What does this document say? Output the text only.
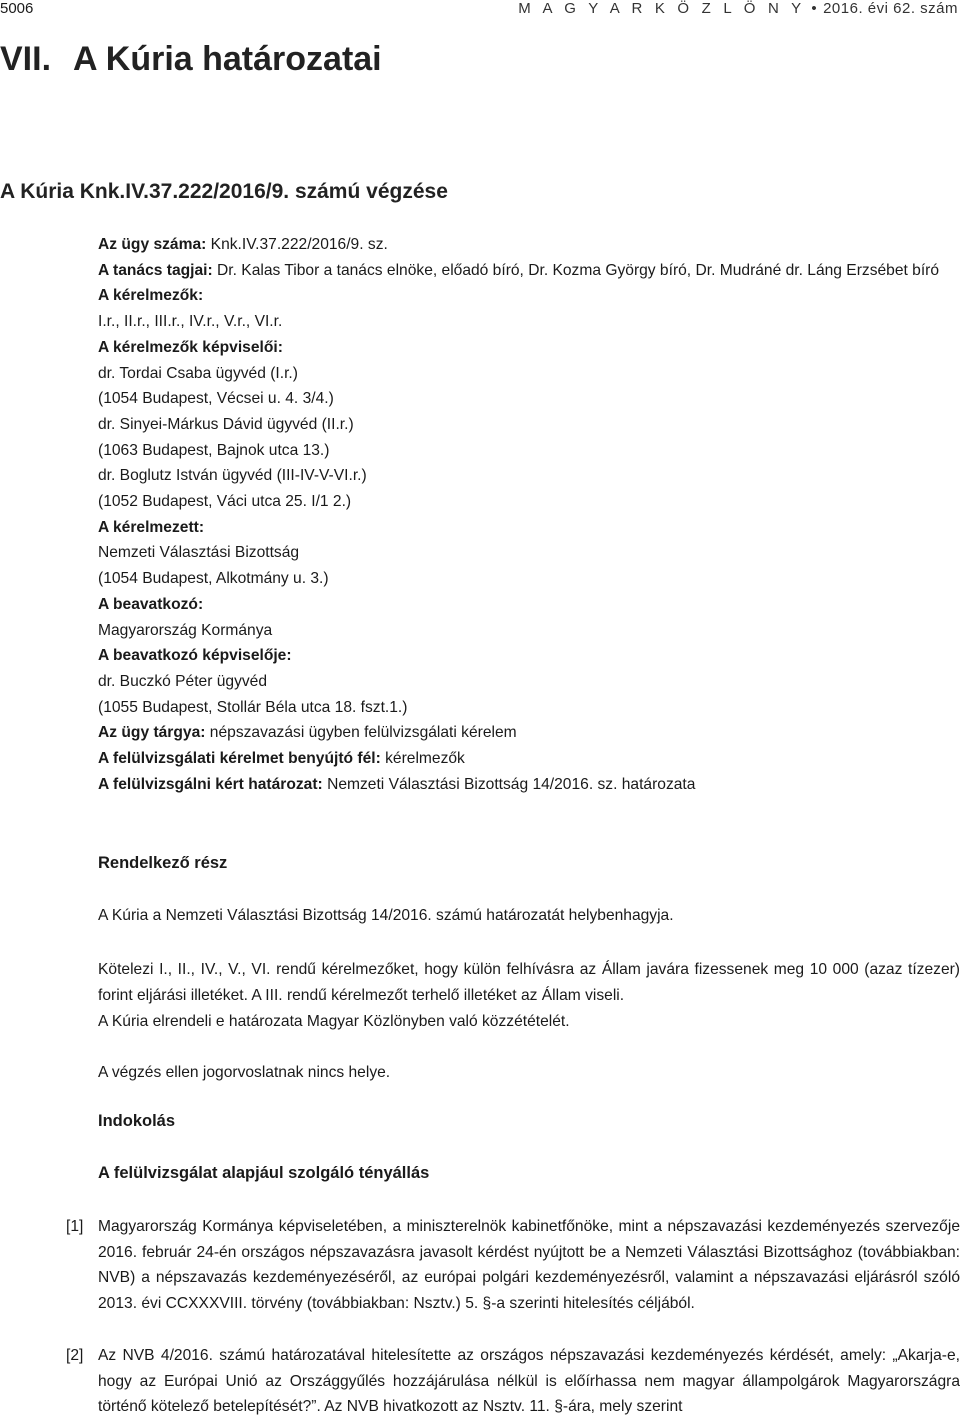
5006	M A G Y A R K Ö Z L Ö N Y • 2016. évi 62. szám
VII. A Kúria határozatai
A Kúria Knk.IV.37.222/2016/9. számú végzése
Az ügy száma: Knk.IV.37.222/2016/9. sz.
A tanács tagjai: Dr. Kalas Tibor a tanács elnöke, előadó bíró, Dr. Kozma György bíró, Dr. Mudráné dr. Láng Erzsébet bíró
A kérelmezők:
I.r., II.r., III.r., IV.r., V.r., VI.r.
A kérelmezők képviselői:
dr. Tordai Csaba ügyvéd (I.r.)
(1054 Budapest, Vécsei u. 4. 3/4.)
dr. Sinyei-Márkus Dávid ügyvéd (II.r.)
(1063 Budapest, Bajnok utca 13.)
dr. Boglutz István ügyvéd (III-IV-V-VI.r.)
(1052 Budapest, Váci utca 25. I/1 2.)
A kérelmezett:
Nemzeti Választási Bizottság
(1054 Budapest, Alkotmány u. 3.)
A beavatkozó:
Magyarország Kormánya
A beavatkozó képviselője:
dr. Buczkó Péter ügyvéd
(1055 Budapest, Stollár Béla utca 18. fszt.1.)
Az ügy tárgya: népszavazási ügyben felülvizsgálati kérelem
A felülvizsgálati kérelmet benyújtó fél: kérelmezők
A felülvizsgálni kért határozat: Nemzeti Választási Bizottság 14/2016. sz. határozata
Rendelkező rész

A Kúria a Nemzeti Választási Bizottság 14/2016. számú határozatát helybenhagyja.

Kötelezi I., II., IV., V., VI. rendű kérelmezőket, hogy külön felhívásra az Állam javára fizessenek meg 10 000 (azaz tízezer) forint eljárási illetéket. A III. rendű kérelmezőt terhelő illetéket az Állam viseli.

A Kúria elrendeli e határozata Magyar Közlönyben való közzétételét.

A végzés ellen jogorvoslatnak nincs helye.

Indokolás
A felülvizsgálat alapjául szolgáló tényállás
[1] Magyarország Kormánya képviseletében, a miniszterelnök kabinetfőnöke, mint a népszavazási kezdeményezés szervezője 2016. február 24-én országos népszavazásra javasolt kérdést nyújtott be a Nemzeti Választási Bizottsághoz (továbbiakban: NVB) a népszavazás kezdeményezéséről, az európai polgári kezdeményezésről, valamint a népszavazási eljárásról szóló 2013. évi CCXXXVIII. törvény (továbbiakban: Nsztv.) 5. §-a szerinti hitelesítés céljából.
[2] Az NVB 4/2016. számú határozatával hitelesítette az országos népszavazási kezdeményezés kérdését, amely: „Akarja-e, hogy az Európai Unió az Országgyűlés hozzájárulása nélkül is előírhassa nem magyar állampolgárok Magyarországra történő kötelező betelepítését?”. Az NVB hivatkozott az Nsztv. 11. §-ára, mely szerint
